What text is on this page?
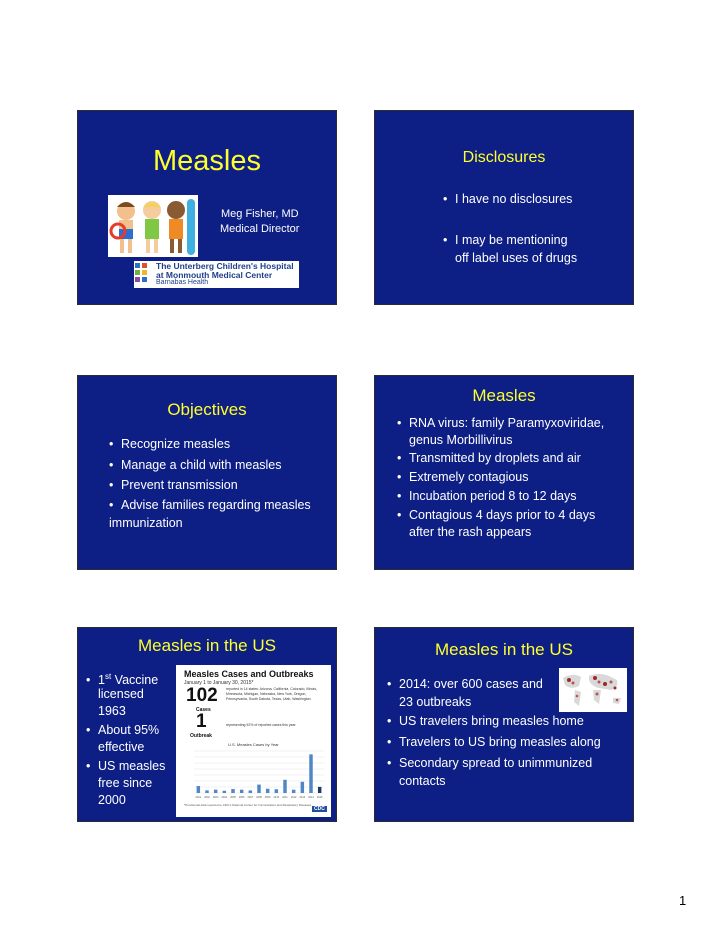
Measles
Meg Fisher, MD
Medical Director
The Unterberg Children's Hospital
at Monmouth Medical Center
Barnabas Health
Disclosures
• I have no disclosures
• I may be mentioning
off label uses of drugs
Objectives
• Recognize measles
• Manage a child with measles
• Prevent transmission
• Advise families regarding measles
immunization
Measles
• RNA virus: family Paramyxoviridae,
genus Morbillivirus
• Transmitted by droplets and air
• Extremely contagious
• Incubation period 8 to 12 days
• Contagious 4 days prior to 4 days
after the rash appears
Measles in the US
• 1st Vaccine
licensed
1963
• About 95%
effective
• US measles
free since
2000
Measles Cases and Outbreaks
January 1 to January 30, 2015*
102
Cases
reported in 14 states: Arizona, California, Colorado, Illinois, Minnesota, Michigan, Nebraska, New York, Oregon, Pennsylvania, South Dakota, Texas, Utah, Washington
1
Outbreak
representing 92% of reported cases this year
U.S. Measles Cases by Year
2001 2002 2003 2004 2005 2006 2007 2008 2009 2010 2011 2012 2013 2014 2015
*Provisional data reported to CDC's National Center for Immunization and Respiratory Diseases
CDC
Measles in the US
• 2014: over 600 cases and
23 outbreaks
• US travelers bring measles home
• Travelers to US bring measles along
• Secondary spread to unimmunized
contacts
1
